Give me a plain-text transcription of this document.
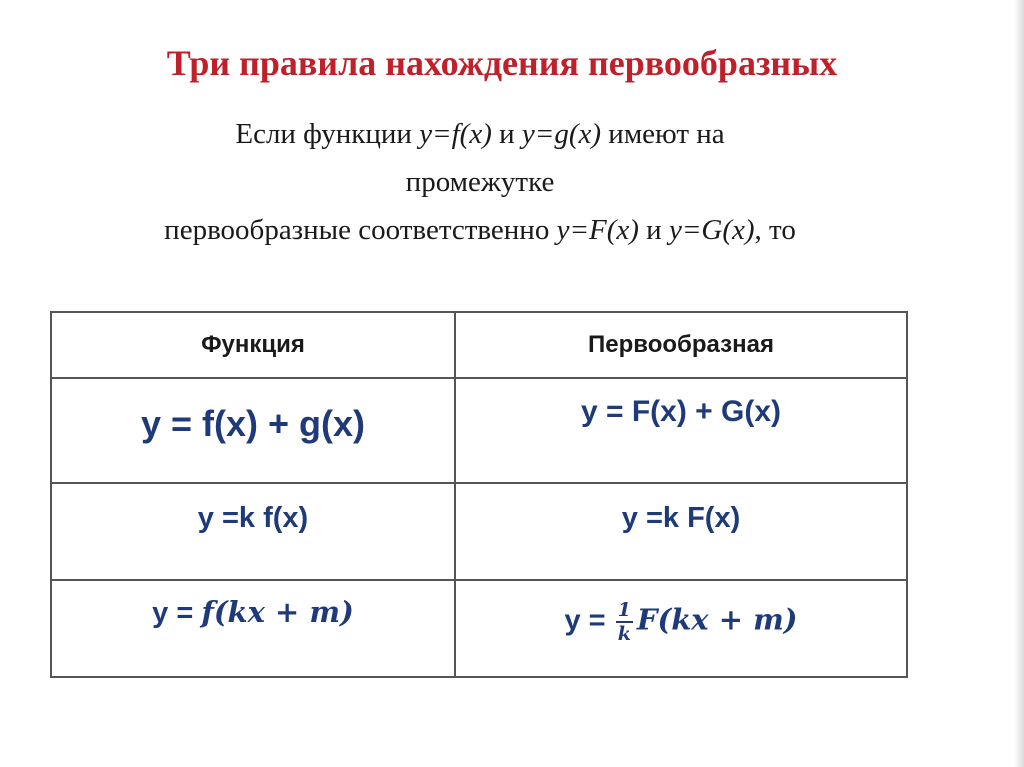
Три правила нахождения первообразных
Если функции y=f(x) и y=g(x) имеют на
промежутке
первообразные соответственно y=F(x) и y=G(x), то
Функция	Первообразная

y = f(x) + g(x)	y = F(x) + G(x)

y =k f(x)	y =k F(x)

y = f(kx + m)	$y = \frac{1}{k} F(kx + m)$
